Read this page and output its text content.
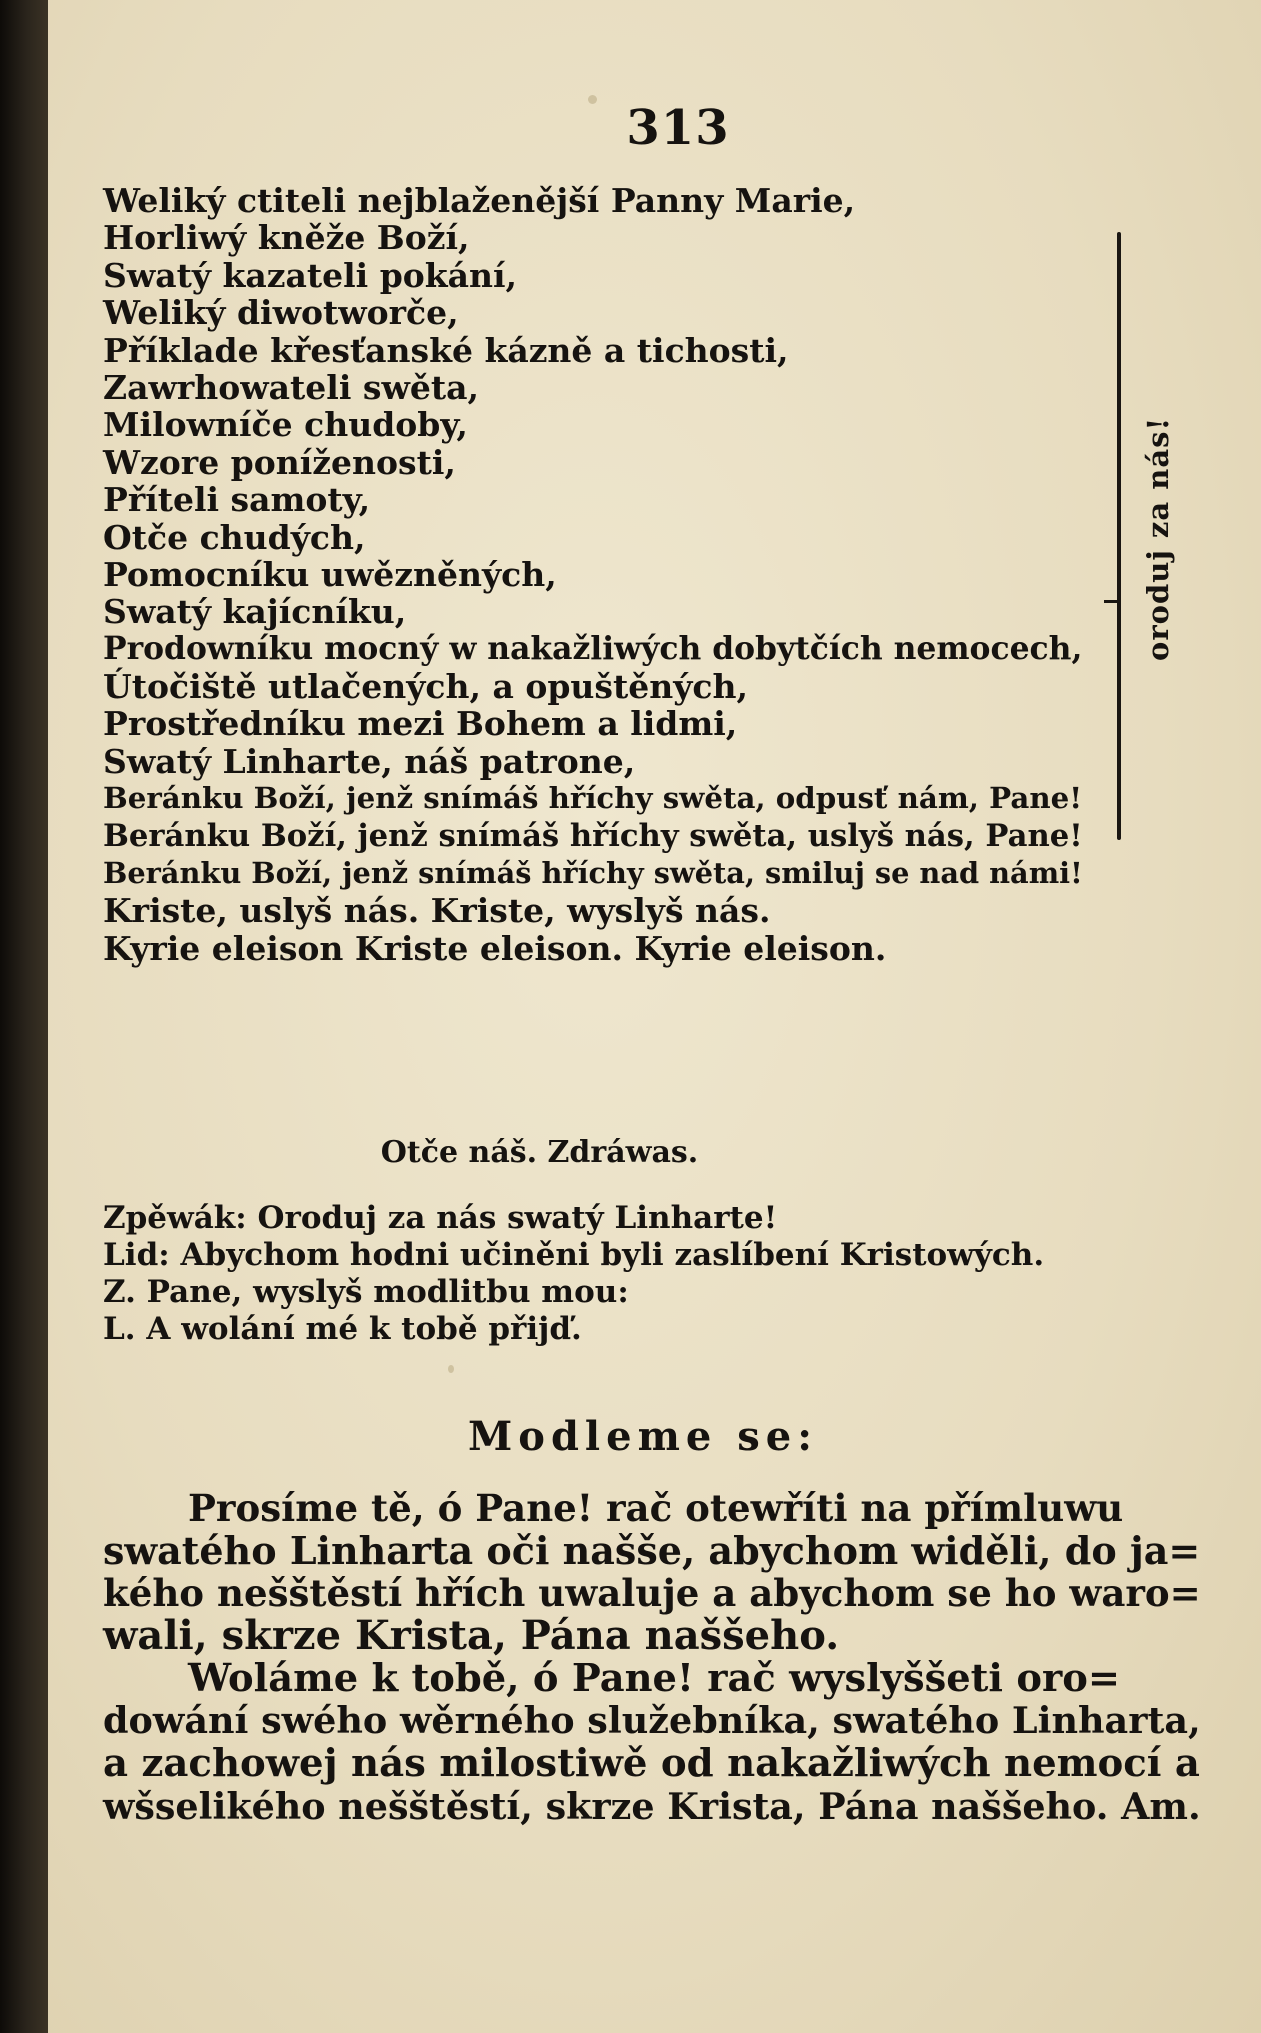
313
Weliký ctiteli nejblaženější Panny Marie,
Horliwý kněže Boží,
Swatý kazateli pokání,
Weliký diwotworče,
Příklade křesťanské kázně a tichosti,
Zawrhowateli swěta,
Milowníče chudoby,
Wzore poníženosti,
Příteli samoty,
Otče chudých,
Pomocníku uwězněných,
Swatý kajícníku,
Prodowníku mocný w nakažliwých dobytčích nemocech,
Útočiště utlačených, a opuštěných,
Prostředníku mezi Bohem a lidmi,
Swatý Linharte, náš patrone,
Beránku Boží, jenž snímáš hříchy swěta, odpusť nám, Pane!
Beránku Boží, jenž snímáš hříchy swěta, uslyš nás, Pane!
Beránku Boží, jenž snímáš hříchy swěta, smiluj se nad námi!
Kriste, uslyš nás. Kriste, wyslyš nás.
Kyrie eleison Kriste eleison. Kyrie eleison.
oroduj za nás!
Otče náš. Zdráwas.
Zpěwák: Oroduj za nás swatý Linharte!
Lid: Abychom hodni učiněni byli zaslíbení Kristowých.
Z. Pane, wyslyš modlitbu mou:
L. A wolání mé k tobě přijď.
Modleme se:
Prosíme tě, ó Pane! rač otewříti na přímluwu
swatého Linharta oči našše, abychom widěli, do ja=
kého nešštěstí hřích uwaluje a abychom se ho waro=
wali, skrze Krista, Pána naššeho.
Woláme k tobě, ó Pane! rač wyslyššeti oro=
dowání swého wěrného služebníka, swatého Linharta,
a zachowej nás milostiwě od nakažliwých nemocí a
wšselikého nešštěstí, skrze Krista, Pána naššeho. Am.
